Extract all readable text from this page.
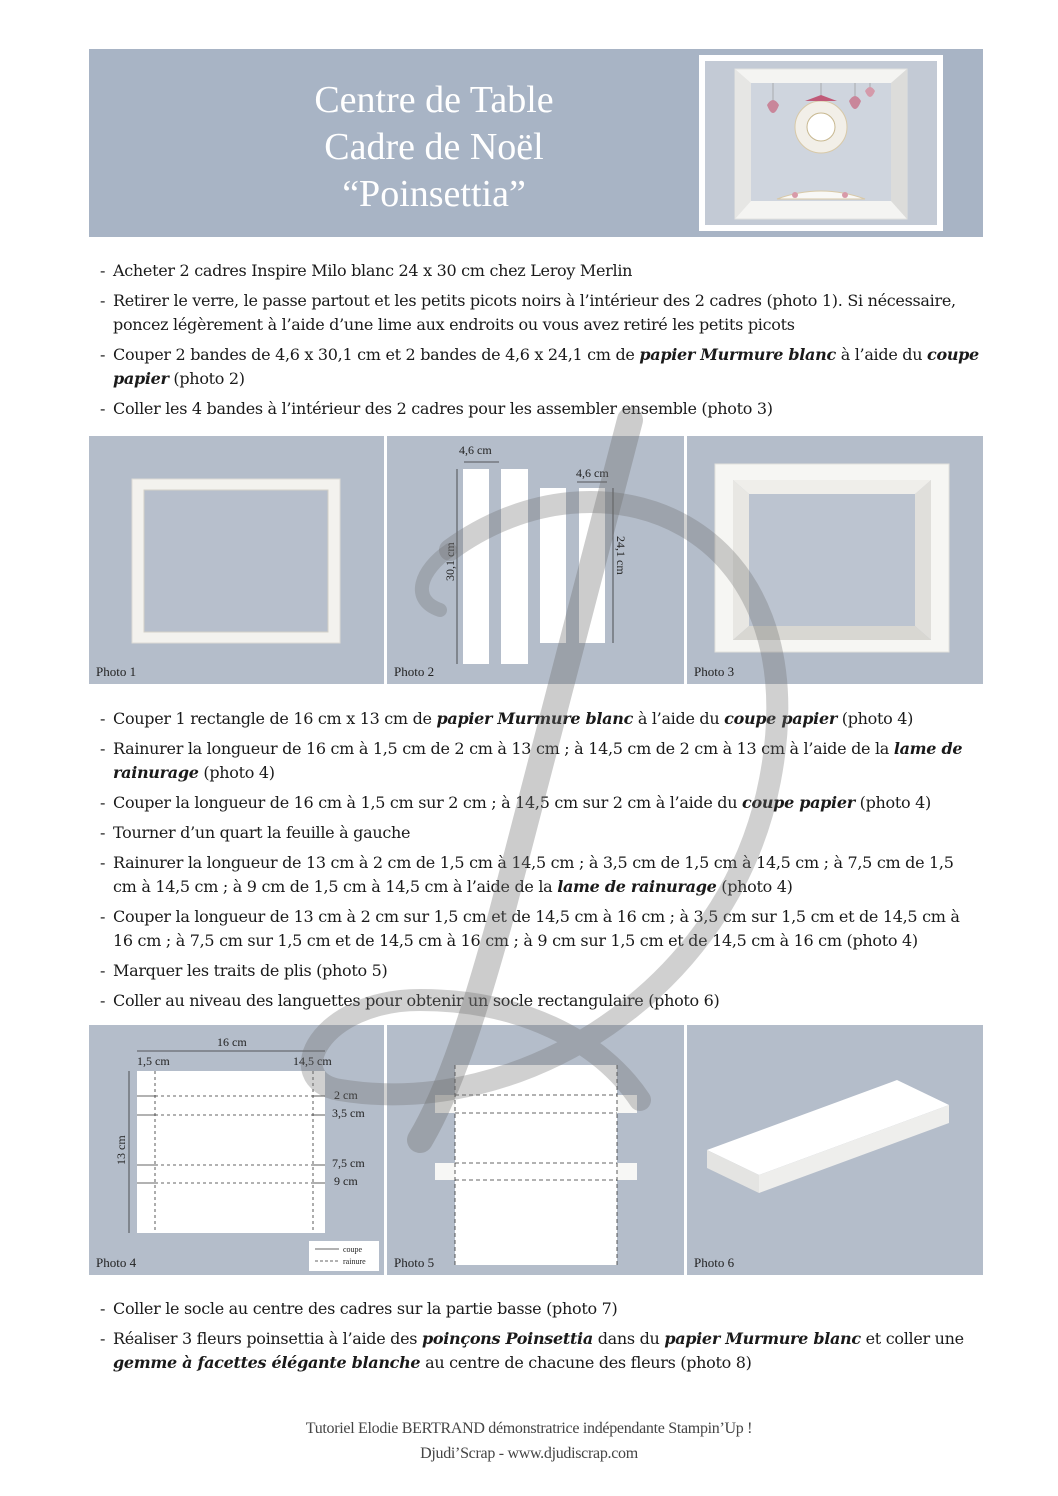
Centre de Table
Cadre de Noël
“Poinsettia”

- Acheter 2 cadres Inspire Milo blanc 24 x 30 cm chez Leroy Merlin

- Retirer le verre, le passe partout et les petits picots noirs à l’intérieur des 2 cadres (photo 1). Si nécessaire, poncez légèrement à l’aide d’une lime aux endroits ou vous avez retiré les petits picots

- Couper 2 bandes de 4,6 x 30,1 cm et 2 bandes de 4,6 x 24,1 cm de papier Murmure blanc à l’aide du coupe papier (photo 2)

- Coller les 4 bandes à l’intérieur des 2 cadres pour les assembler ensemble (photo 3)

Photo 1
4,6 cm
4,6 cm
30,1 cm	24,1 cm
Photo 2	Photo 3

- Couper 1 rectangle de 16 cm x 13 cm de papier Murmure blanc à l’aide du coupe papier (photo 4)

- Rainurer la longueur de 16 cm à 1,5 cm de 2 cm à 13 cm ; à 14,5 cm de 2 cm à 13 cm à l’aide de la lame de rainurage (photo 4)

- Couper la longueur de 16 cm à 1,5 cm sur 2 cm ; à 14,5 cm sur 2 cm à l’aide du coupe papier (photo 4)

- Tourner d’un quart la feuille à gauche

- Rainurer la longueur de 13 cm à 2 cm de 1,5 cm à 14,5 cm ; à 3,5 cm de 1,5 cm à 14,5 cm ; à 7,5 cm de 1,5 cm à 14,5 cm ; à 9 cm de 1,5 cm à 14,5 cm à l’aide de la lame de rainurage (photo 4)

- Couper la longueur de 13 cm à 2 cm sur 1,5 cm et de 14,5 cm à 16 cm ; à 3,5 cm sur 1,5 cm et de 14,5 cm à 16 cm ; à 7,5 cm sur 1,5 cm et de 14,5 cm à 16 cm ; à 9 cm sur 1,5 cm et de 14,5 cm à 16 cm (photo 4)

- Marquer les traits de plis (photo 5)

- Coller au niveau des languettes pour obtenir un socle rectangulaire (photo 6)

16 cm
1,5 cm	14,5 cm
13 cm
2 cm
3,5 cm
7,5 cm
9 cm
coupe
rainure
Photo 4	Photo 5	Photo 6

- Coller le socle au centre des cadres sur la partie basse (photo 7)

- Réaliser 3 fleurs poinsettia à l’aide des poinçons Poinsettia dans du papier Murmure blanc et coller une gemme à facettes élégante blanche au centre de chacune des fleurs (photo 8)

Tutoriel Elodie BERTRAND démonstratrice indépendante Stampin’Up !
Djudi’Scrap - www.djudiscrap.com
